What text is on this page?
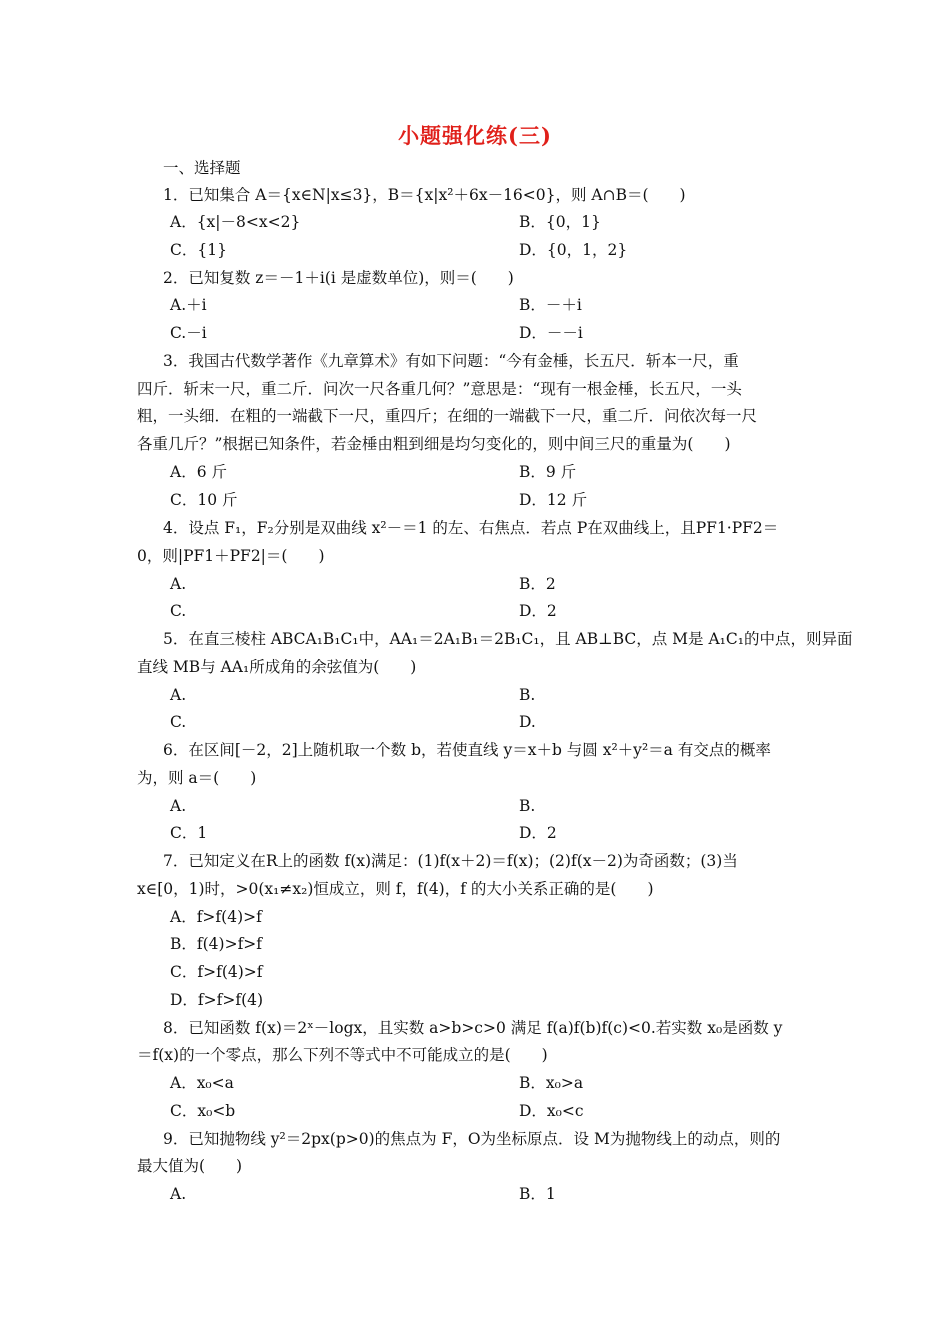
小题强化练(三)
一、选择题
1．已知集合 A＝{x∈N|x≤3}，B＝{x|x²＋6x－16<0}，则 A∩B＝(　　)
A．{x|－8<x<2}	B．{0，1}
C．{1}	D．{0，1，2}
2．已知复数 z＝－1＋i(i 是虚数单位)，则＝(　　)
A.＋i	B．－＋i
C.－i	D．－－i
3．我国古代数学著作《九章算术》有如下问题：“今有金棰，长五尺．斩本一尺，重
四斤．斩末一尺，重二斤．问次一尺各重几何？”意思是：“现有一根金棰，长五尺，一头
粗，一头细．在粗的一端截下一尺，重四斤；在细的一端截下一尺，重二斤．问依次每一尺
各重几斤？”根据已知条件，若金棰由粗到细是均匀变化的，则中间三尺的重量为(　　)
A．6 斤	B．9 斤
C．10 斤	D．12 斤
4．设点 F₁，F₂分别是双曲线 x²－＝1 的左、右焦点．若点 P在双曲线上，且PF1·PF2＝
0，则|PF1＋PF2|＝(　　)
A.	B．2
C.	D．2
5．在直三棱柱 ABCA₁B₁C₁中，AA₁＝2A₁B₁＝2B₁C₁，且 AB⊥BC，点 M是 A₁C₁的中点，则异面
直线 MB与 AA₁所成角的余弦值为(　　)
A.	B.
C.	D.
6．在区间[－2，2]上随机取一个数 b，若使直线 y＝x＋b 与圆 x²＋y²＝a 有交点的概率
为，则 a＝(　　)
A.	B.
C．1	D．2
7．已知定义在R上的函数 f(x)满足：(1)f(x＋2)＝f(x)；(2)f(x－2)为奇函数；(3)当
x∈[0，1)时，>0(x₁≠x₂)恒成立，则 f，f(4)，f 的大小关系正确的是(　　)
A．f>f(4)>f
B．f(4)>f>f
C．f>f(4)>f
D．f>f>f(4)
8．已知函数 f(x)＝2ˣ－logx，且实数 a>b>c>0 满足 f(a)f(b)f(c)<0.若实数 x₀是函数 y
＝f(x)的一个零点，那么下列不等式中不可能成立的是(　　)
A．x₀<a	B．x₀>a
C．x₀<b	D．x₀<c
9．已知抛物线 y²＝2px(p>0)的焦点为 F，O为坐标原点．设 M为抛物线上的动点，则的
最大值为(　　)
A.	B．1
